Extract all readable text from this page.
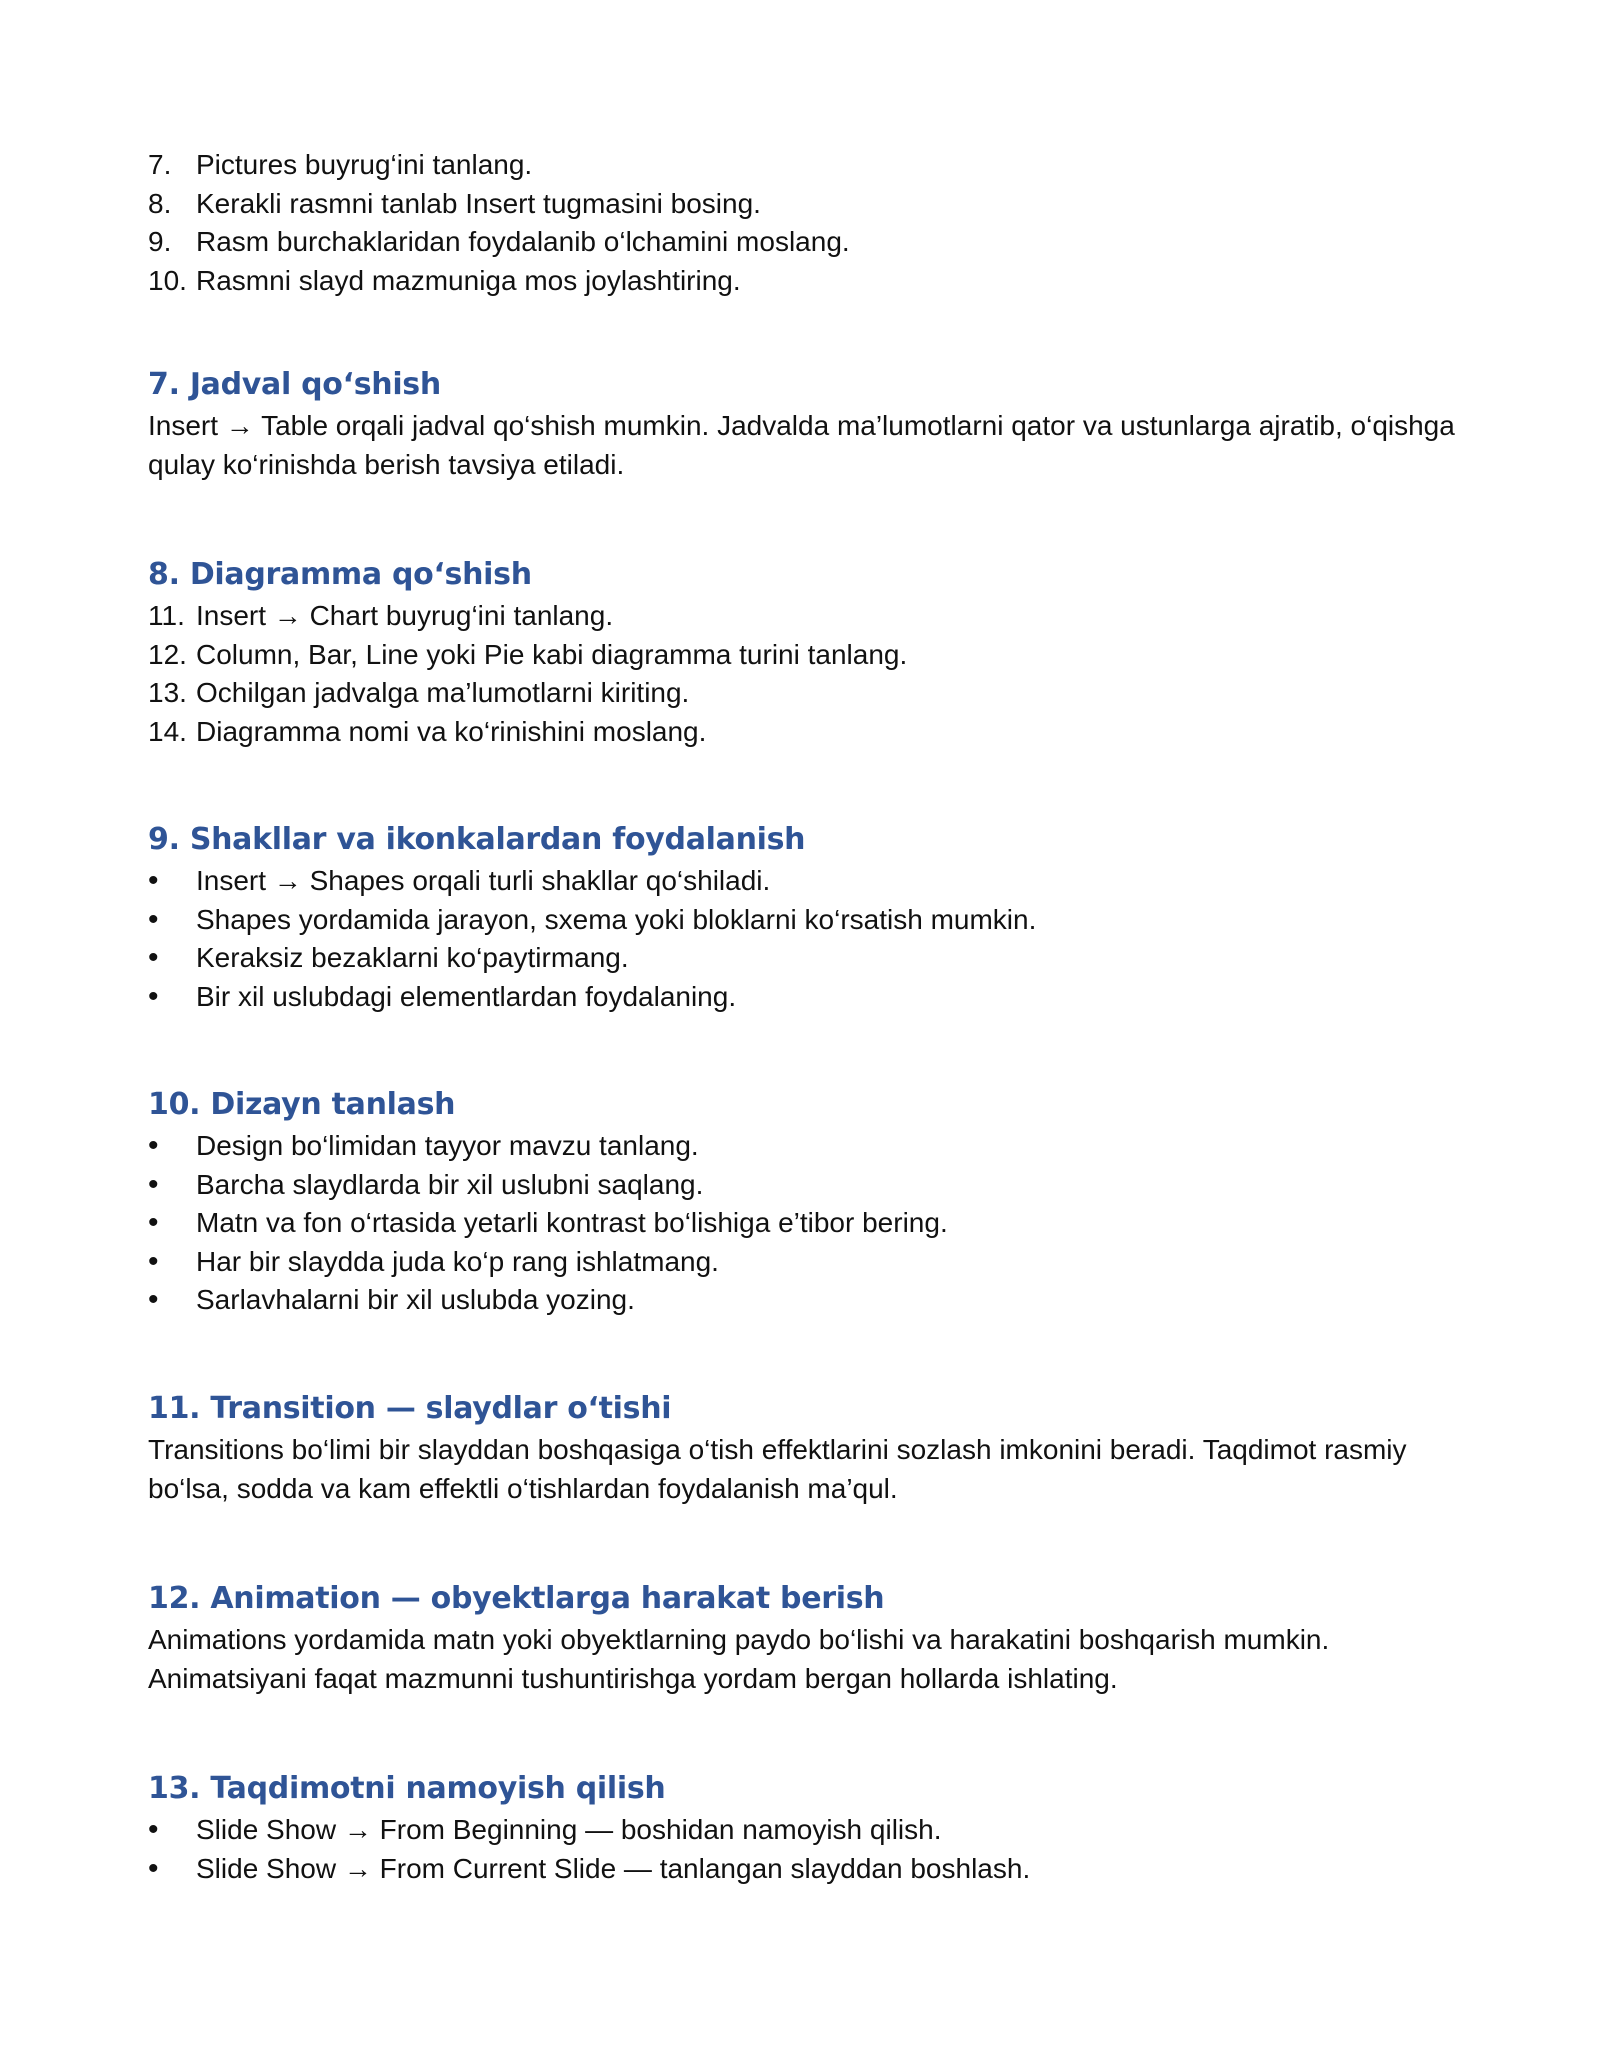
7. Pictures buyrug‘ini tanlang.
8. Kerakli rasmni tanlab Insert tugmasini bosing.
9. Rasm burchaklaridan foydalanib o‘lchamini moslang.
10. Rasmni slayd mazmuniga mos joylashtiring.
7. Jadval qo‘shish

Insert → Table orqali jadval qo‘shish mumkin. Jadvalda ma’lumotlarni qator va ustunlarga ajratib, o‘qishga qulay ko‘rinishda berish tavsiya etiladi.

8. Diagramma qo‘shish
11. Insert → Chart buyrug‘ini tanlang.
12. Column, Bar, Line yoki Pie kabi diagramma turini tanlang.
13. Ochilgan jadvalga ma’lumotlarni kiriting.
14. Diagramma nomi va ko‘rinishini moslang.
9. Shakllar va ikonkalardan foydalanish
• Insert → Shapes orqali turli shakllar qo‘shiladi.
• Shapes yordamida jarayon, sxema yoki bloklarni ko‘rsatish mumkin.
• Keraksiz bezaklarni ko‘paytirmang.
• Bir xil uslubdagi elementlardan foydalaning.
10. Dizayn tanlash
• Design bo‘limidan tayyor mavzu tanlang.
• Barcha slaydlarda bir xil uslubni saqlang.
• Matn va fon o‘rtasida yetarli kontrast bo‘lishiga e’tibor bering.
• Har bir slaydda juda ko‘p rang ishlatmang.
• Sarlavhalarni bir xil uslubda yozing.
11. Transition — slaydlar o‘tishi

Transitions bo‘limi bir slayddan boshqasiga o‘tish effektlarini sozlash imkonini beradi. Taqdimot rasmiy bo‘lsa, sodda va kam effektli o‘tishlardan foydalanish ma’qul.

12. Animation — obyektlarga harakat berish

Animations yordamida matn yoki obyektlarning paydo bo‘lishi va harakatini boshqarish mumkin. Animatsiyani faqat mazmunni tushuntirishga yordam bergan hollarda ishlating.

13. Taqdimotni namoyish qilish
• Slide Show → From Beginning — boshidan namoyish qilish.
• Slide Show → From Current Slide — tanlangan slayddan boshlash.
